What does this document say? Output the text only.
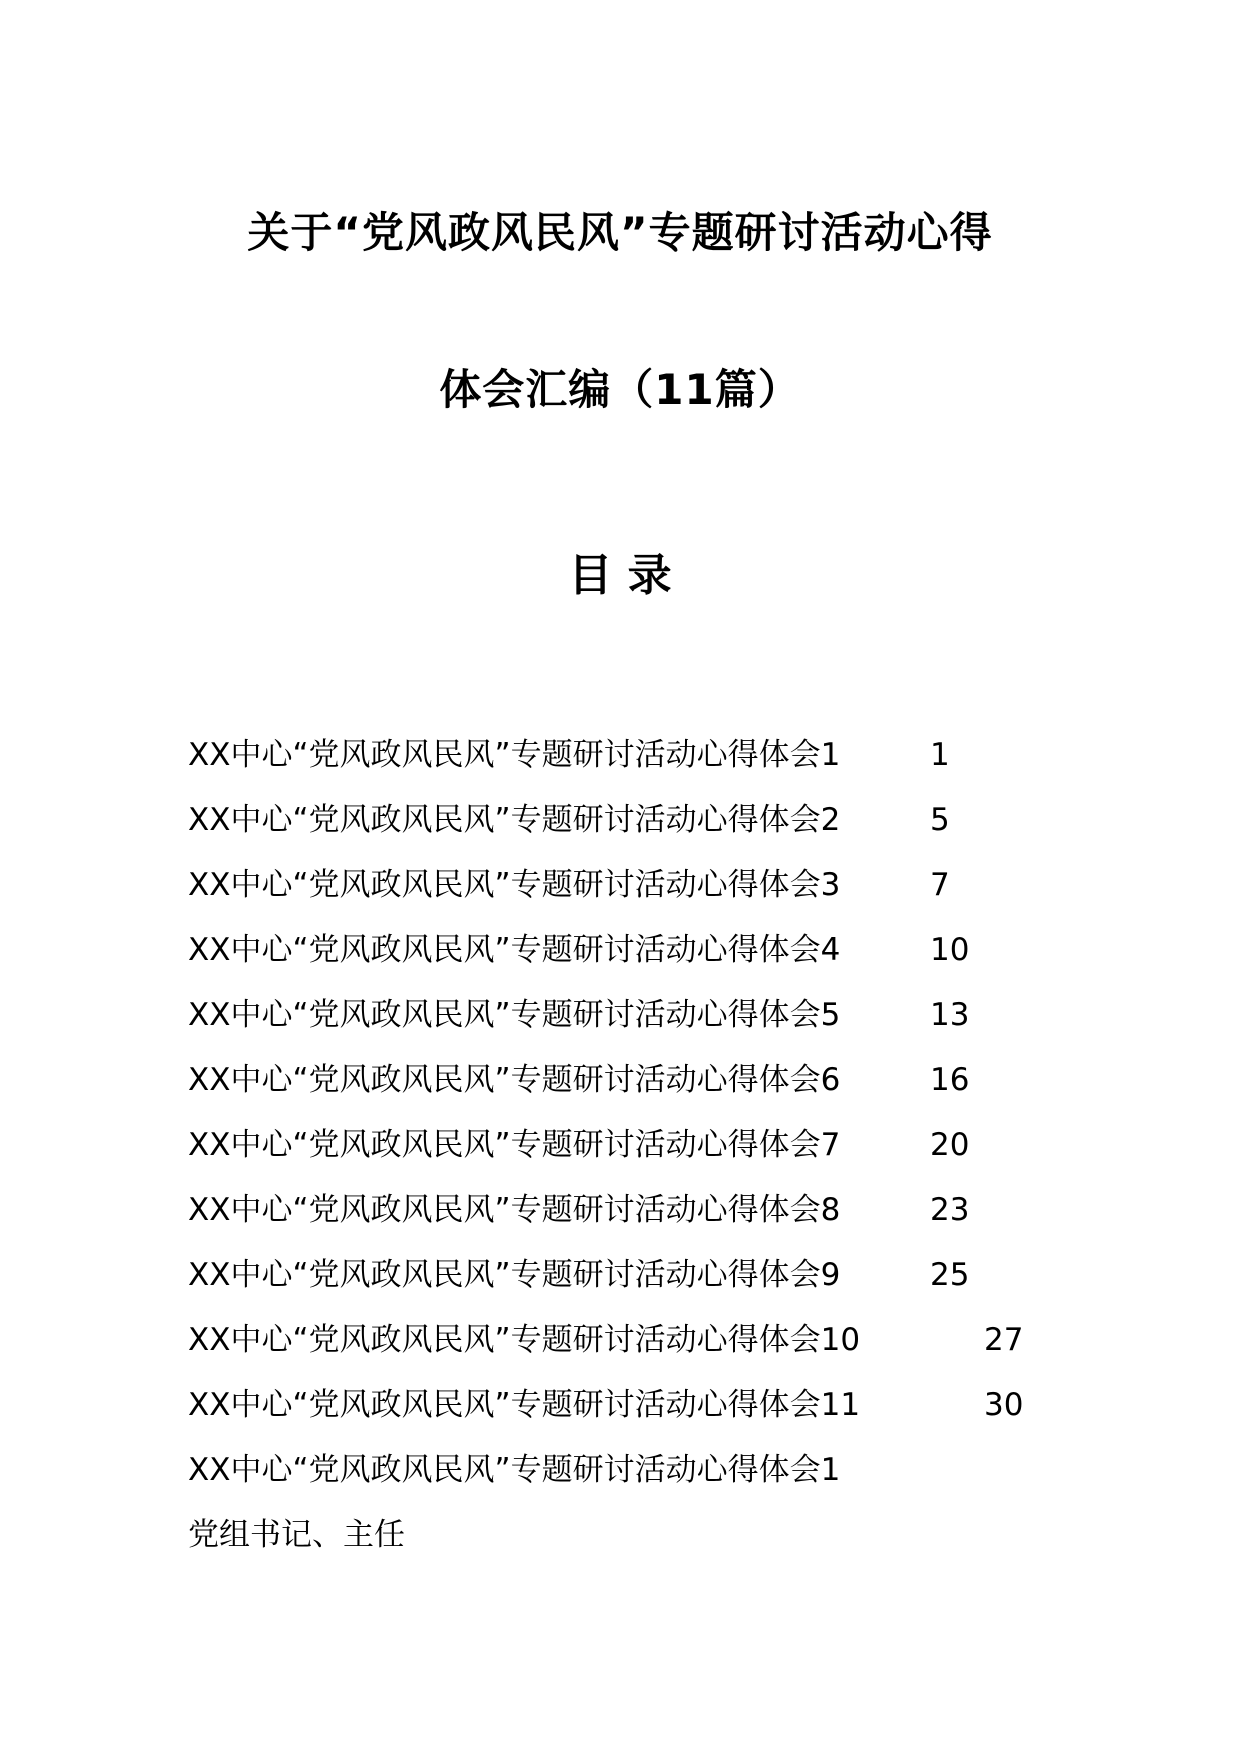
关于“党风政风民风”专题研讨活动心得
体会汇编（11篇）
目 录
XX中心“党风政风民风”专题研讨活动心得体会1	1
XX中心“党风政风民风”专题研讨活动心得体会2	5
XX中心“党风政风民风”专题研讨活动心得体会3	7
XX中心“党风政风民风”专题研讨活动心得体会4	10
XX中心“党风政风民风”专题研讨活动心得体会5	13
XX中心“党风政风民风”专题研讨活动心得体会6	16
XX中心“党风政风民风”专题研讨活动心得体会7	20
XX中心“党风政风民风”专题研讨活动心得体会8	23
XX中心“党风政风民风”专题研讨活动心得体会9	25
XX中心“党风政风民风”专题研讨活动心得体会10	27
XX中心“党风政风民风”专题研讨活动心得体会11	30
XX中心“党风政风民风”专题研讨活动心得体会1
党组书记、主任
